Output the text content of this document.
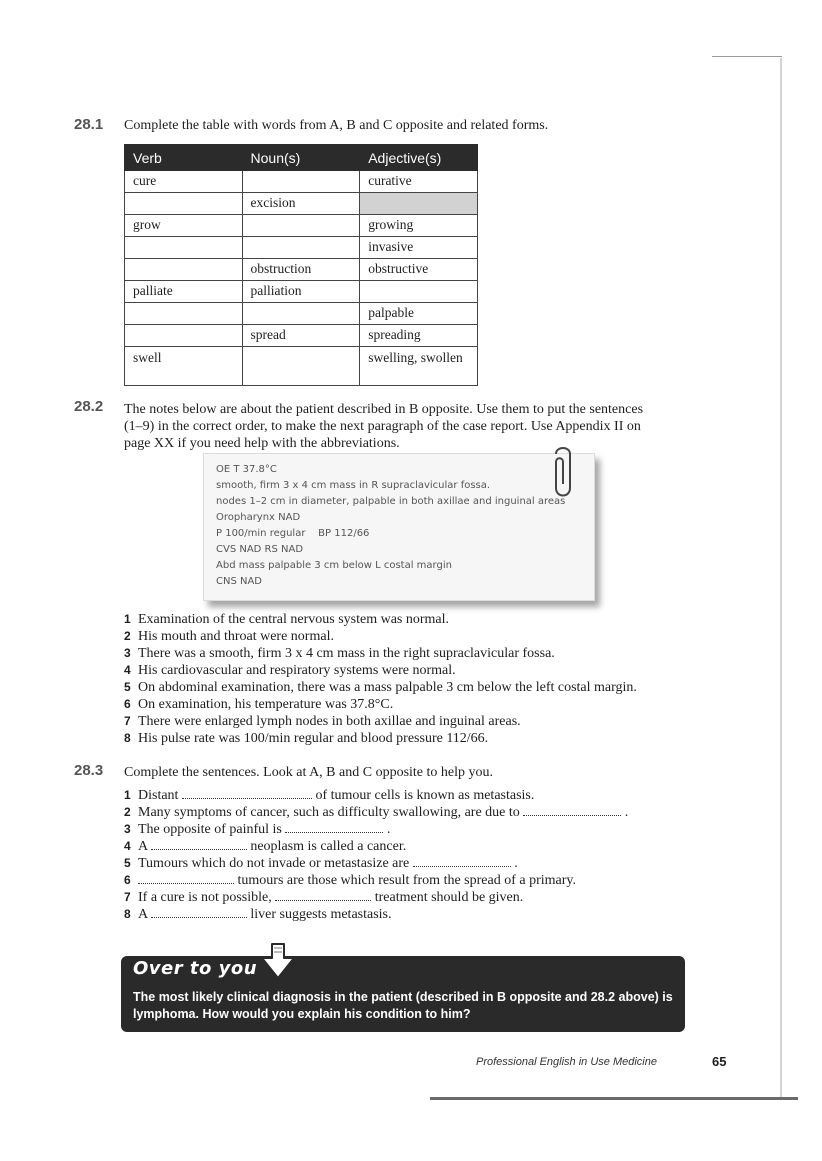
28.1 Complete the table with words from A, B and C opposite and related forms.
Verb	Noun(s)	Adjective(s)
cure		curative
	excision	
grow		growing
		invasive
	obstruction	obstructive
palliate	palliation	
		palpable
	spread	spreading
swell		swelling, swollen
28.2 The notes below are about the patient described in B opposite. Use them to put the sentences
(1–9) in the correct order, to make the next paragraph of the case report. Use Appendix II on
page XX if you need help with the abbreviations.
OE T 37.8°C
smooth, firm 3 x 4 cm mass in R supraclavicular fossa.
nodes 1–2 cm in diameter, palpable in both axillae and inguinal areas
Oropharynx NAD
P 100/min regular    BP 112/66
CVS NAD RS NAD
Abd mass palpable 3 cm below L costal margin
CNS NAD
1 Examination of the central nervous system was normal.
2 His mouth and throat were normal.
3 There was a smooth, firm 3 x 4 cm mass in the right supraclavicular fossa.
4 His cardiovascular and respiratory systems were normal.
5 On abdominal examination, there was a mass palpable 3 cm below the left costal margin.
6 On examination, his temperature was 37.8°C.
7 There were enlarged lymph nodes in both axillae and inguinal areas.
8 His pulse rate was 100/min regular and blood pressure 112/66.
28.3 Complete the sentences. Look at A, B and C opposite to help you.
1 Distant	of tumour cells is known as metastasis.
2 Many symptoms of cancer, such as difficulty swallowing, are due to	.
3 The opposite of painful is	.
4 A	neoplasm is called a cancer.
5 Tumours which do not invade or metastasize are	.
6	tumours are those which result from the spread of a primary.
7 If a cure is not possible,	treatment should be given.
8 A	liver suggests metastasis.
Over to you
The most likely clinical diagnosis in the patient (described in B opposite and 28.2 above) is lymphoma. How would you explain his condition to him?
Professional English in Use Medicine	65
